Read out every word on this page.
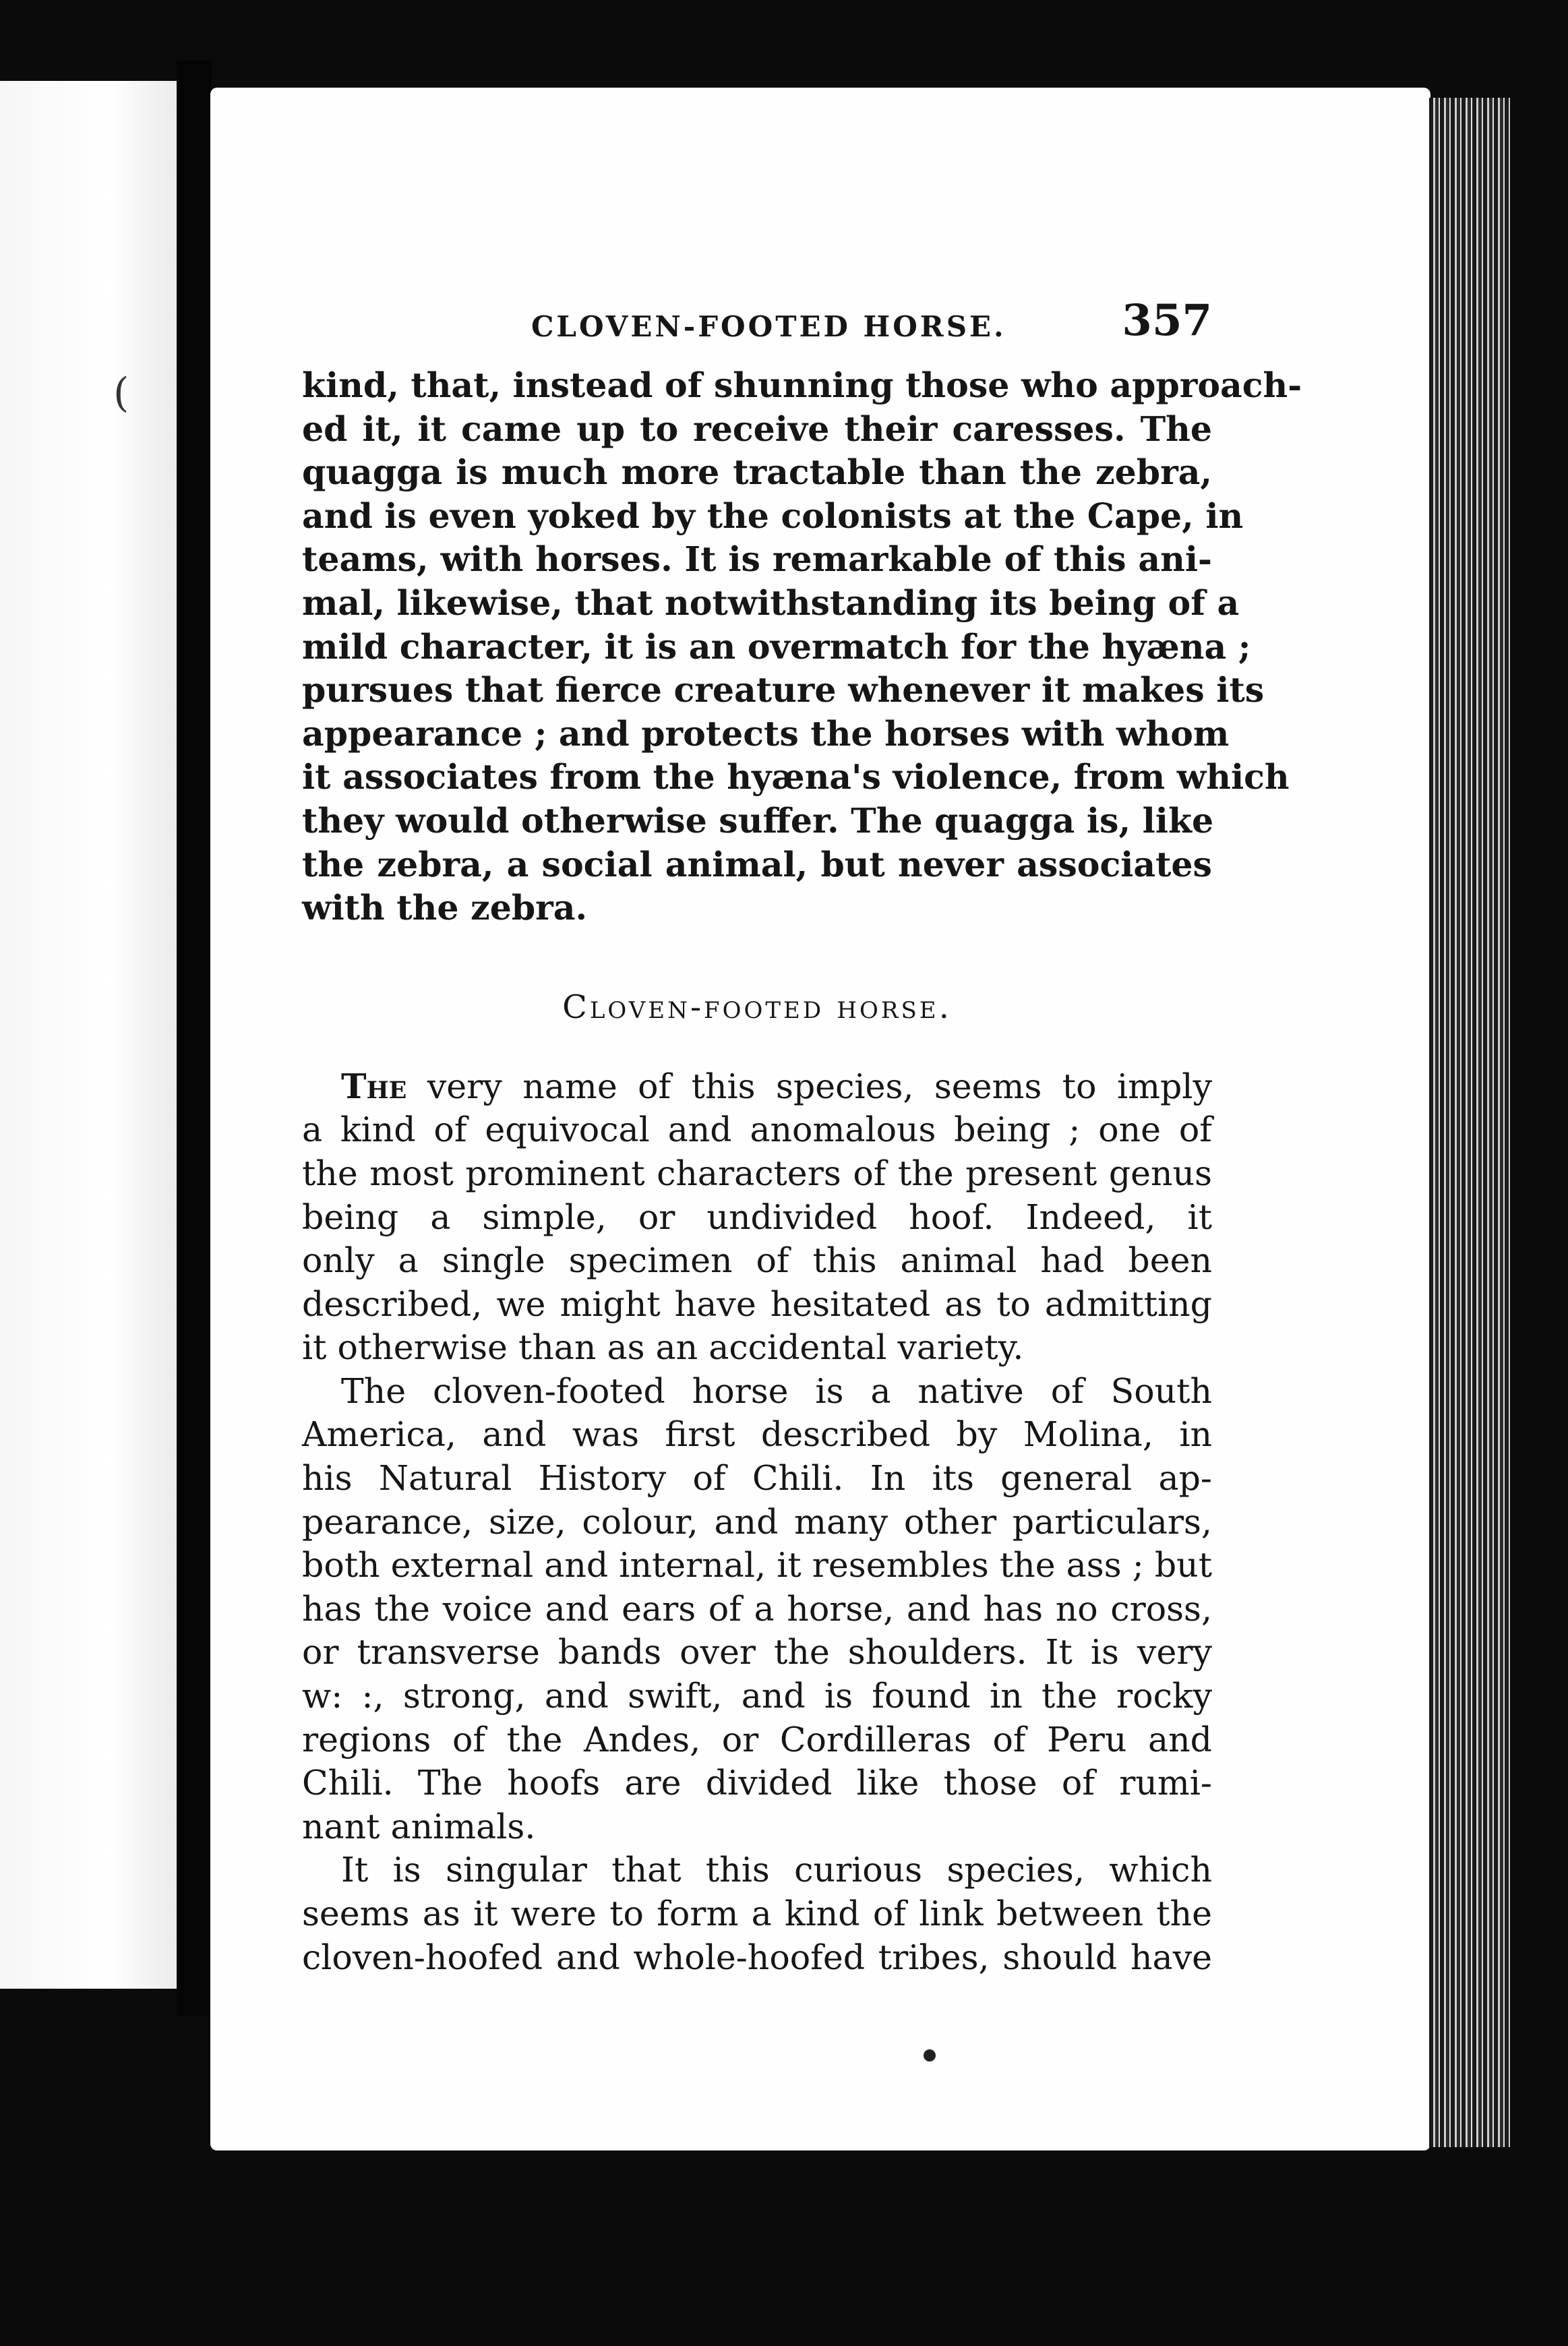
(
CLOVEN-FOOTED HORSE.	357
kind, that, instead of shunning those who approach-
ed it, it came up to receive their caresses. The
quagga is much more tractable than the zebra,
and is even yoked by the colonists at the Cape, in
teams, with horses. It is remarkable of this ani-
mal, likewise, that notwithstanding its being of a
mild character, it is an overmatch for the hyæna ;
pursues that fierce creature whenever it makes its
appearance ; and protects the horses with whom
it associates from the hyæna's violence, from which
they would otherwise suffer. The quagga is, like
the zebra, a social animal, but never associates
with the zebra.
Cloven-footed horse.
The very name of this species, seems to imply
a kind of equivocal and anomalous being ; one of
the most prominent characters of the present genus
being a simple, or undivided hoof. Indeed, it
only a single specimen of this animal had been
described, we might have hesitated as to admitting
it otherwise than as an accidental variety.
The cloven-footed horse is a native of South
America, and was first described by Molina, in
his Natural History of Chili. In its general ap-
pearance, size, colour, and many other particulars,
both external and internal, it resembles the ass ; but
has the voice and ears of a horse, and has no cross,
or transverse bands over the shoulders. It is very
w: :, strong, and swift, and is found in the rocky
regions of the Andes, or Cordilleras of Peru and
Chili. The hoofs are divided like those of rumi-
nant animals.
It is singular that this curious species, which
seems as it were to form a kind of link between the
cloven-hoofed and whole-hoofed tribes, should have
